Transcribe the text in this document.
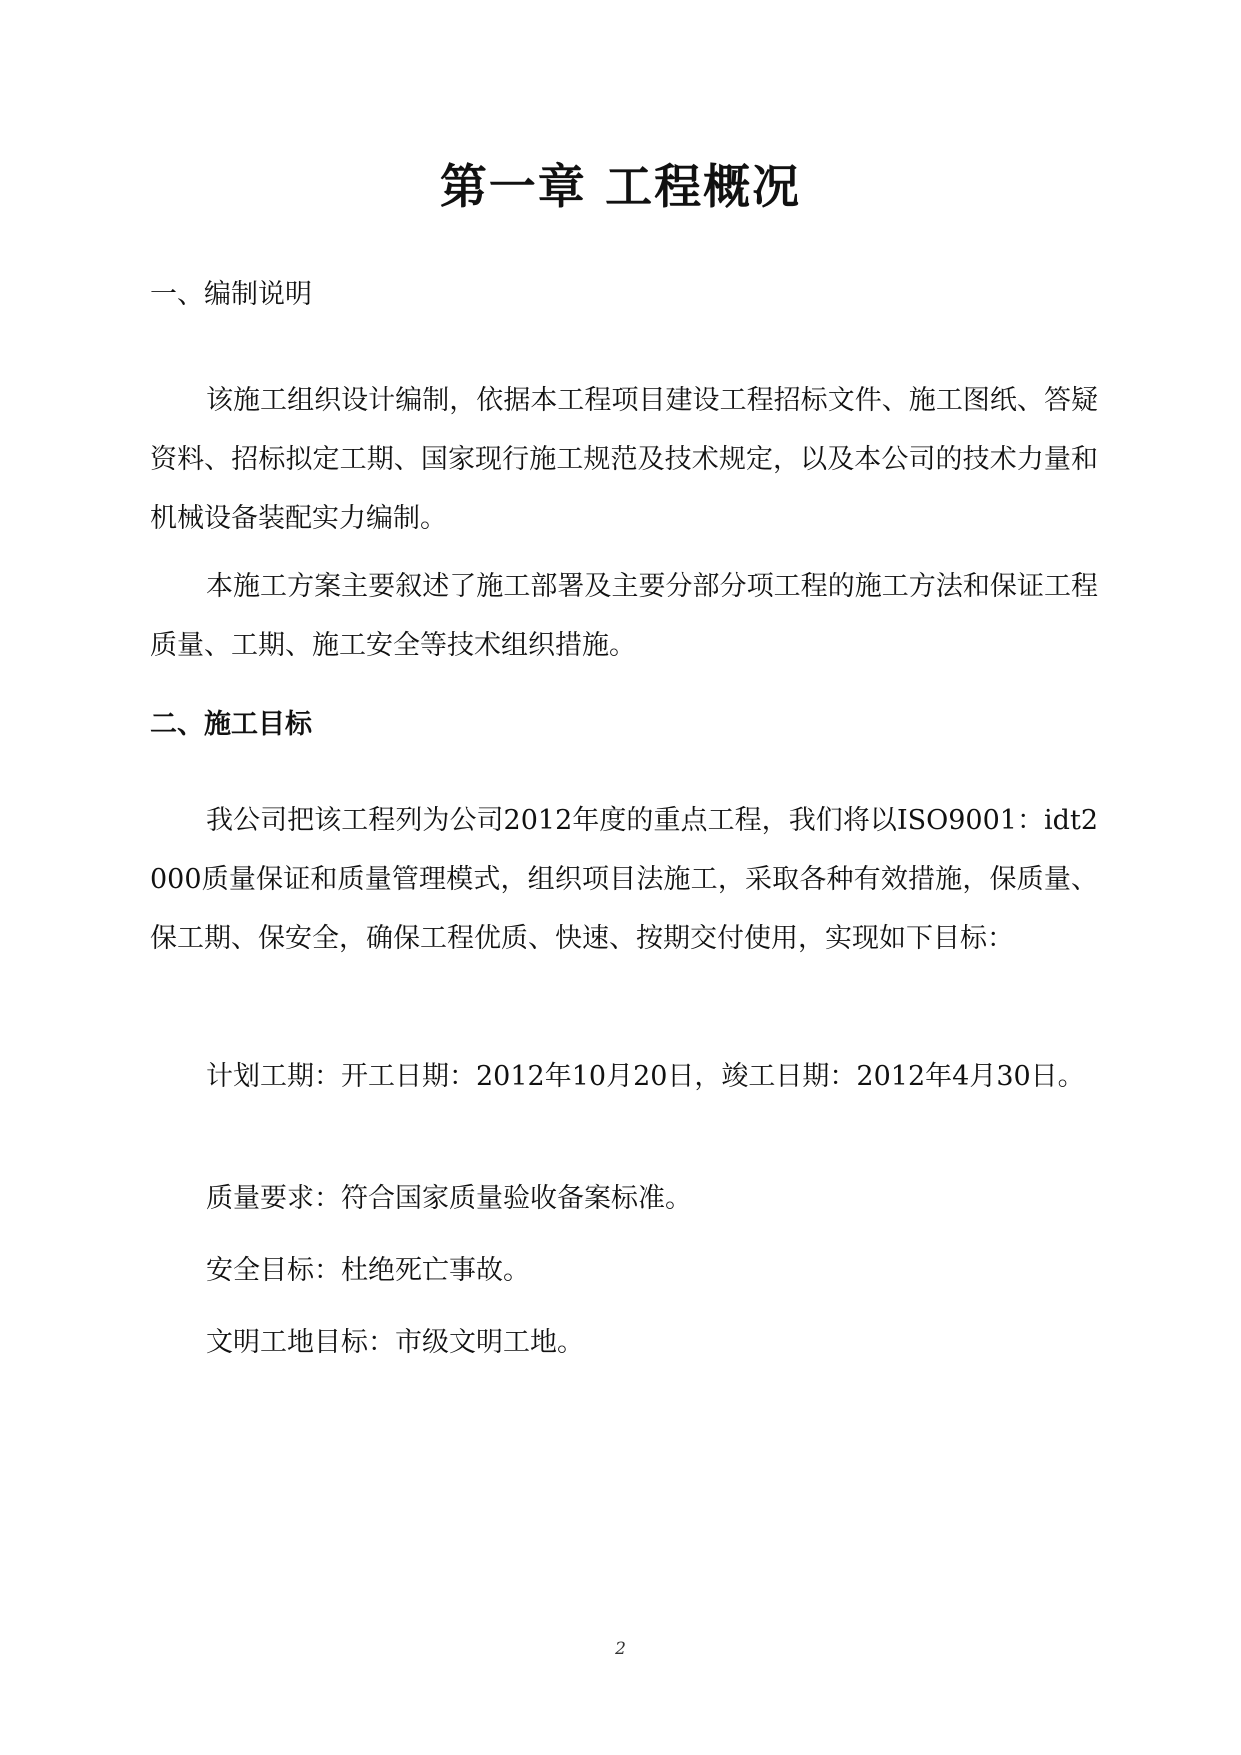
第一章 工程概况
一、编制说明

该施工组织设计编制，依据本工程项目建设工程招标文件、施工图纸、答疑资料、招标拟定工期、国家现行施工规范及技术规定，以及本公司的技术力量和机械设备装配实力编制。

本施工方案主要叙述了施工部署及主要分部分项工程的施工方法和保证工程质量、工期、施工安全等技术组织措施。

二、施工目标

我公司把该工程列为公司2012年度的重点工程，我们将以ISO9001：idt2000质量保证和质量管理模式，组织项目法施工，采取各种有效措施，保质量、保工期、保安全，确保工程优质、快速、按期交付使用，实现如下目标：

计划工期：开工日期：2012年10月20日，竣工日期：2012年4月30日。

质量要求：符合国家质量验收备案标准。

安全目标：杜绝死亡事故。

文明工地目标：市级文明工地。

2
